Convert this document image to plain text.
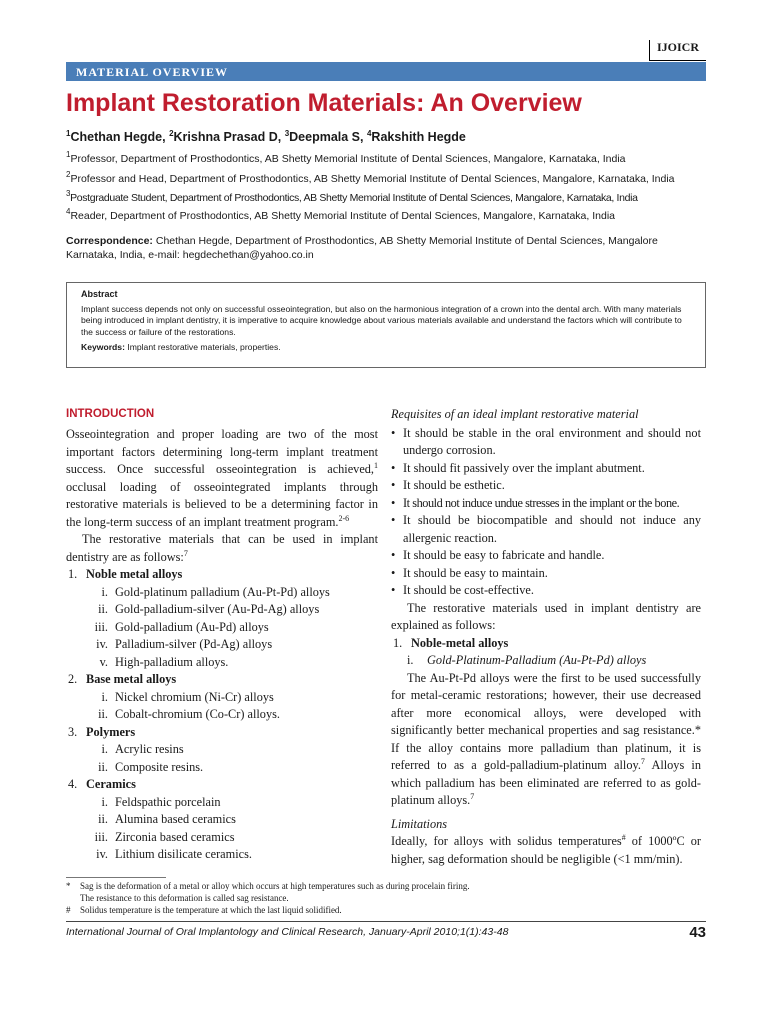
IJOICR
MATERIAL OVERVIEW
Implant Restoration Materials: An Overview
$^1$Chethan Hegde, $^2$Krishna Prasad D, $^3$Deepmala S, $^4$Rakshith Hegde
$^1$Professor, Department of Prosthodontics, AB Shetty Memorial Institute of Dental Sciences, Mangalore, Karnataka, India
$^2$Professor and Head, Department of Prosthodontics, AB Shetty Memorial Institute of Dental Sciences, Mangalore, Karnataka, India
$^3$Postgraduate Student, Department of Prosthodontics, AB Shetty Memorial Institute of Dental Sciences, Mangalore, Karnataka, India
$^4$Reader, Department of Prosthodontics, AB Shetty Memorial Institute of Dental Sciences, Mangalore, Karnataka, India
Correspondence: Chethan Hegde, Department of Prosthodontics, AB Shetty Memorial Institute of Dental Sciences, Mangalore Karnataka, India, e-mail: hegdechethan@yahoo.co.in
Abstract
Implant success depends not only on successful osseointegration, but also on the harmonious integration of a crown into the dental arch. With many materials being introduced in implant dentistry, it is imperative to acquire knowledge about various materials available and understand the factors which will contribute to the success or failure of the restorations.
Keywords: Implant restorative materials, properties.
INTRODUCTION
Osseointegration and proper loading are two of the most important factors determining long-term implant treatment success. Once successful osseointegration is achieved,$^1$ occlusal loading of osseointegrated implants through restorative materials is believed to be a determining factor in the long-term success of an implant treatment program.$^{2-6}$
The restorative materials that can be used in implant dentistry are as follows:$^7$
1. Noble metal alloys
i. Gold-platinum palladium (Au-Pt-Pd) alloys
ii. Gold-palladium-silver (Au-Pd-Ag) alloys
iii. Gold-palladium (Au-Pd) alloys
iv. Palladium-silver (Pd-Ag) alloys
v. High-palladium alloys.
2. Base metal alloys
i. Nickel chromium (Ni-Cr) alloys
ii. Cobalt-chromium (Co-Cr) alloys.
3. Polymers
i. Acrylic resins
ii. Composite resins.
4. Ceramics
i. Feldspathic porcelain
ii. Alumina based ceramics
iii. Zirconia based ceramics
iv. Lithium disilicate ceramics.
Requisites of an ideal implant restorative material
• It should be stable in the oral environment and should not undergo corrosion.
• It should fit passively over the implant abutment.
• It should be esthetic.
• It should not induce undue stresses in the implant or the bone.
• It should be biocompatible and should not induce any allergenic reaction.
• It should be easy to fabricate and handle.
• It should be easy to maintain.
• It should be cost-effective.
The restorative materials used in implant dentistry are explained as follows:
1. Noble-metal alloys
i. Gold-Platinum-Palladium (Au-Pt-Pd) alloys
The Au-Pt-Pd alloys were the first to be used successfully for metal-ceramic restorations; however, their use decreased after more economical alloys, were developed with significantly better mechanical properties and sag resistance.* If the alloy contains more palladium than platinum, it is referred to as a gold-palladium-platinum alloy.$^7$ Alloys in which palladium has been eliminated are referred to as gold-platinum alloys.$^7$
Limitations
Ideally, for alloys with solidus temperatures# of 1000ºC or higher, sag deformation should be negligible (<1 mm/min).
* Sag is the deformation of a metal or alloy which occurs at high temperatures such as during procelain firing.
The resistance to this deformation is called sag resistance.
# Solidus temperature is the temperature at which the last liquid solidified.
International Journal of Oral Implantology and Clinical Research, January-April 2010;1(1):43-48	43
